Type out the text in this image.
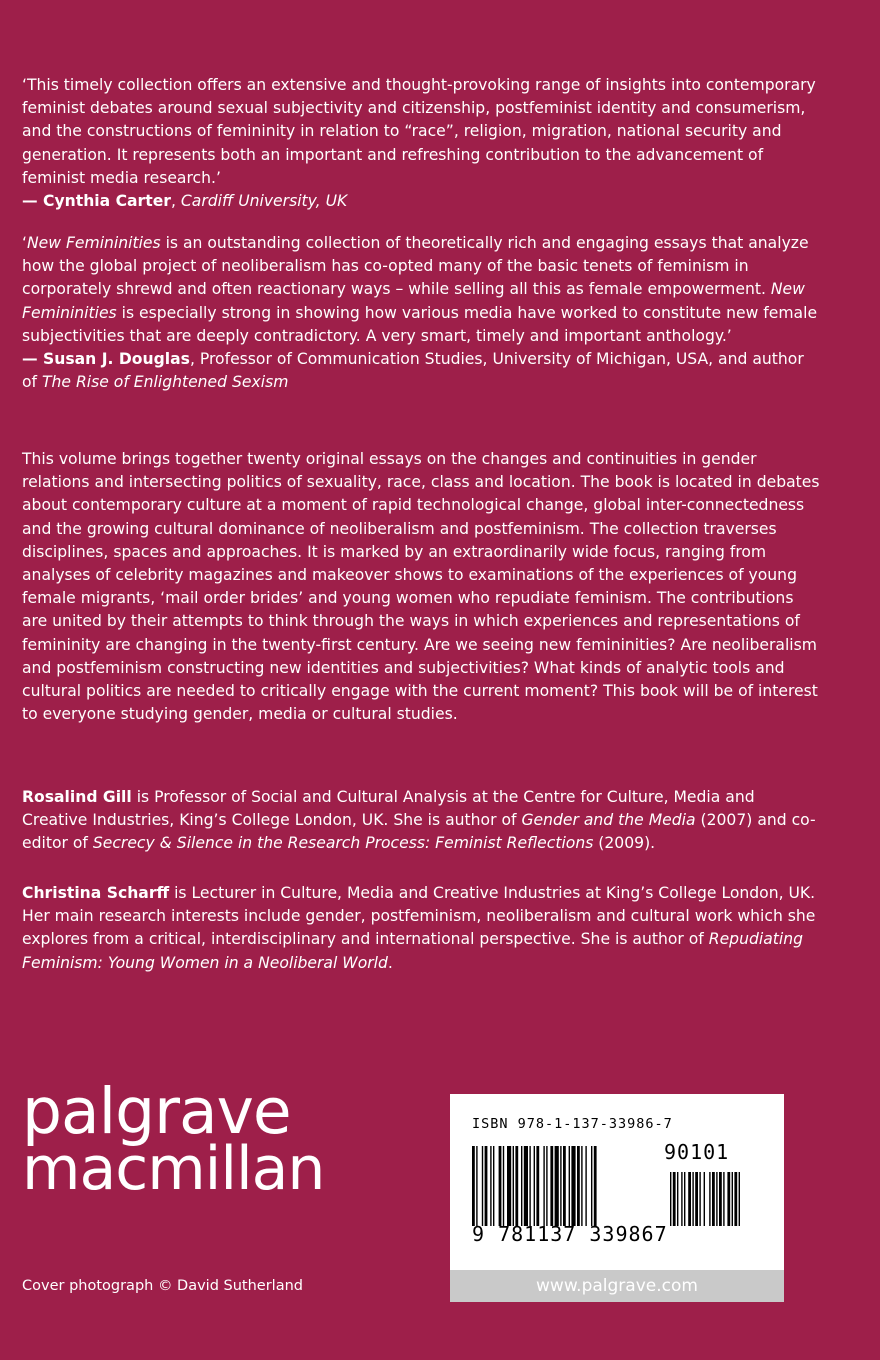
‘This timely collection offers an extensive and thought-provoking range of insights into contemporary feminist debates around sexual subjectivity and citizenship, postfeminist identity and consumerism, and the constructions of femininity in relation to “race”, religion, migration, national security and generation. It represents both an important and refreshing contribution to the advancement of feminist media research.’
— Cynthia Carter, Cardiff University, UK

‘New Femininities is an outstanding collection of theoretically rich and engaging essays that analyze how the global project of neoliberalism has co-opted many of the basic tenets of feminism in corporately shrewd and often reactionary ways – while selling all this as female empowerment. New Femininities is especially strong in showing how various media have worked to constitute new female subjectivities that are deeply contradictory. A very smart, timely and important anthology.’
— Susan J. Douglas, Professor of Communication Studies, University of Michigan, USA, and author of The Rise of Enlightened Sexism

This volume brings together twenty original essays on the changes and continuities in gender relations and intersecting politics of sexuality, race, class and location. The book is located in debates about contemporary culture at a moment of rapid technological change, global inter-connectedness and the growing cultural dominance of neoliberalism and postfeminism. The collection traverses disciplines, spaces and approaches. It is marked by an extraordinarily wide focus, ranging from analyses of celebrity magazines and makeover shows to examinations of the experiences of young female migrants, ‘mail order brides’ and young women who repudiate feminism. The contributions are united by their attempts to think through the ways in which experiences and representations of femininity are changing in the twenty-first century. Are we seeing new femininities? Are neoliberalism and postfeminism constructing new identities and subjectivities? What kinds of analytic tools and cultural politics are needed to critically engage with the current moment? This book will be of interest to everyone studying gender, media or cultural studies.

Rosalind Gill is Professor of Social and Cultural Analysis at the Centre for Culture, Media and Creative Industries, King’s College London, UK. She is author of Gender and the Media (2007) and co-editor of Secrecy & Silence in the Research Process: Feminist Reflections (2009).

Christina Scharff is Lecturer in Culture, Media and Creative Industries at King’s College London, UK. Her main research interests include gender, postfeminism, neoliberalism and cultural work which she explores from a critical, interdisciplinary and international perspective. She is author of Repudiating Feminism: Young Women in a Neoliberal World.

palgrave
macmillan
Cover photograph © David Sutherland
ISBN 978-1-137-33986-7
90101
9 781137 339867
www.palgrave.com
